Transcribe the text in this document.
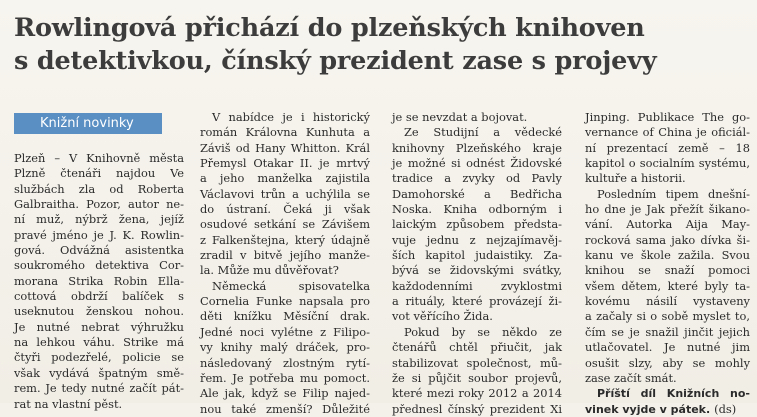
Rowlingová přichází do plzeňských knihoven
s detektivkou, čínský prezident zase s projevy
Knižní novinky
Plzeň – V Knihovně města
Plzně čtenáři najdou Ve
službách zla od Roberta
Galbraitha. Pozor, autor ne-
ní muž, nýbrž žena, jejíž
pravé jméno je J. K. Rowlin-
gová. Odvážná asistentka
soukromého detektiva Cor-
morana Strika Robin Ella-
cottová obdrží balíček s
useknutou ženskou nohou.
Je nutné nebrat výhružku
na lehkou váhu. Strike má
čtyři podezřelé, policie se
však vydává špatným smě-
rem. Je tedy nutné začít pát-
rat na vlastní pěst.
V nabídce je i historický
román Královna Kunhuta a
Záviš od Hany Whitton. Král
Přemysl Otakar II. je mrtvý
a jeho manželka zajistila
Václavovi trůn a uchýlila se
do ústraní. Čeká ji však
osudové setkání se Závišem
z Falkenštejna, který údajně
zradil v bitvě jejího manže-
la. Může mu důvěřovat?
Německá spisovatelka
Cornelia Funke napsala pro
děti knížku Měsíční drak.
Jedné noci vylétne z Filipo-
vy knihy malý dráček, pro-
následovaný zlostným rytí-
řem. Je potřeba mu pomoct.
Ale jak, když se Filip najed-
nou také zmenší? Důležité
je se nevzdat a bojovat.
Ze Studijní a vědecké
knihovny Plzeňského kraje
je možné si odnést Židovské
tradice a zvyky od Pavly
Damohorské a Bedřicha
Noska. Kniha odborným i
laickým způsobem předsta-
vuje jednu z nejzajímavěj-
ších kapitol judaistiky. Za-
bývá se židovskými svátky,
každodenními zvyklostmi
a rituály, které provázejí ži-
vot věřícího Žida.
Pokud by se někdo ze
čtenářů chtěl přiučit, jak
stabilizovat společnost, mů-
že si půjčit soubor projevů,
které mezi roky 2012 a 2014
přednesl čínský prezident Xi
Jinping. Publikace The go-
vernance of China je oficiál-
ní prezentací země – 18
kapitol o socialním systému,
kultuře a historii.
Posledním tipem dnešní-
ho dne je Jak přežít šikano-
vání. Autorka Aija May-
rocková sama jako dívka ši-
kanu ve škole zažila. Svou
knihou se snaží pomoci
všem dětem, které byly ta-
kovému násilí vystaveny
a začaly si o sobě myslet to,
čím se je snažil jinčit jejich
utlačovatel. Je nutné jim
osušit slzy, aby se mohly
zase začít smát.
Příští díl Knižních no-
vinek vyjde v pátek. (ds)
